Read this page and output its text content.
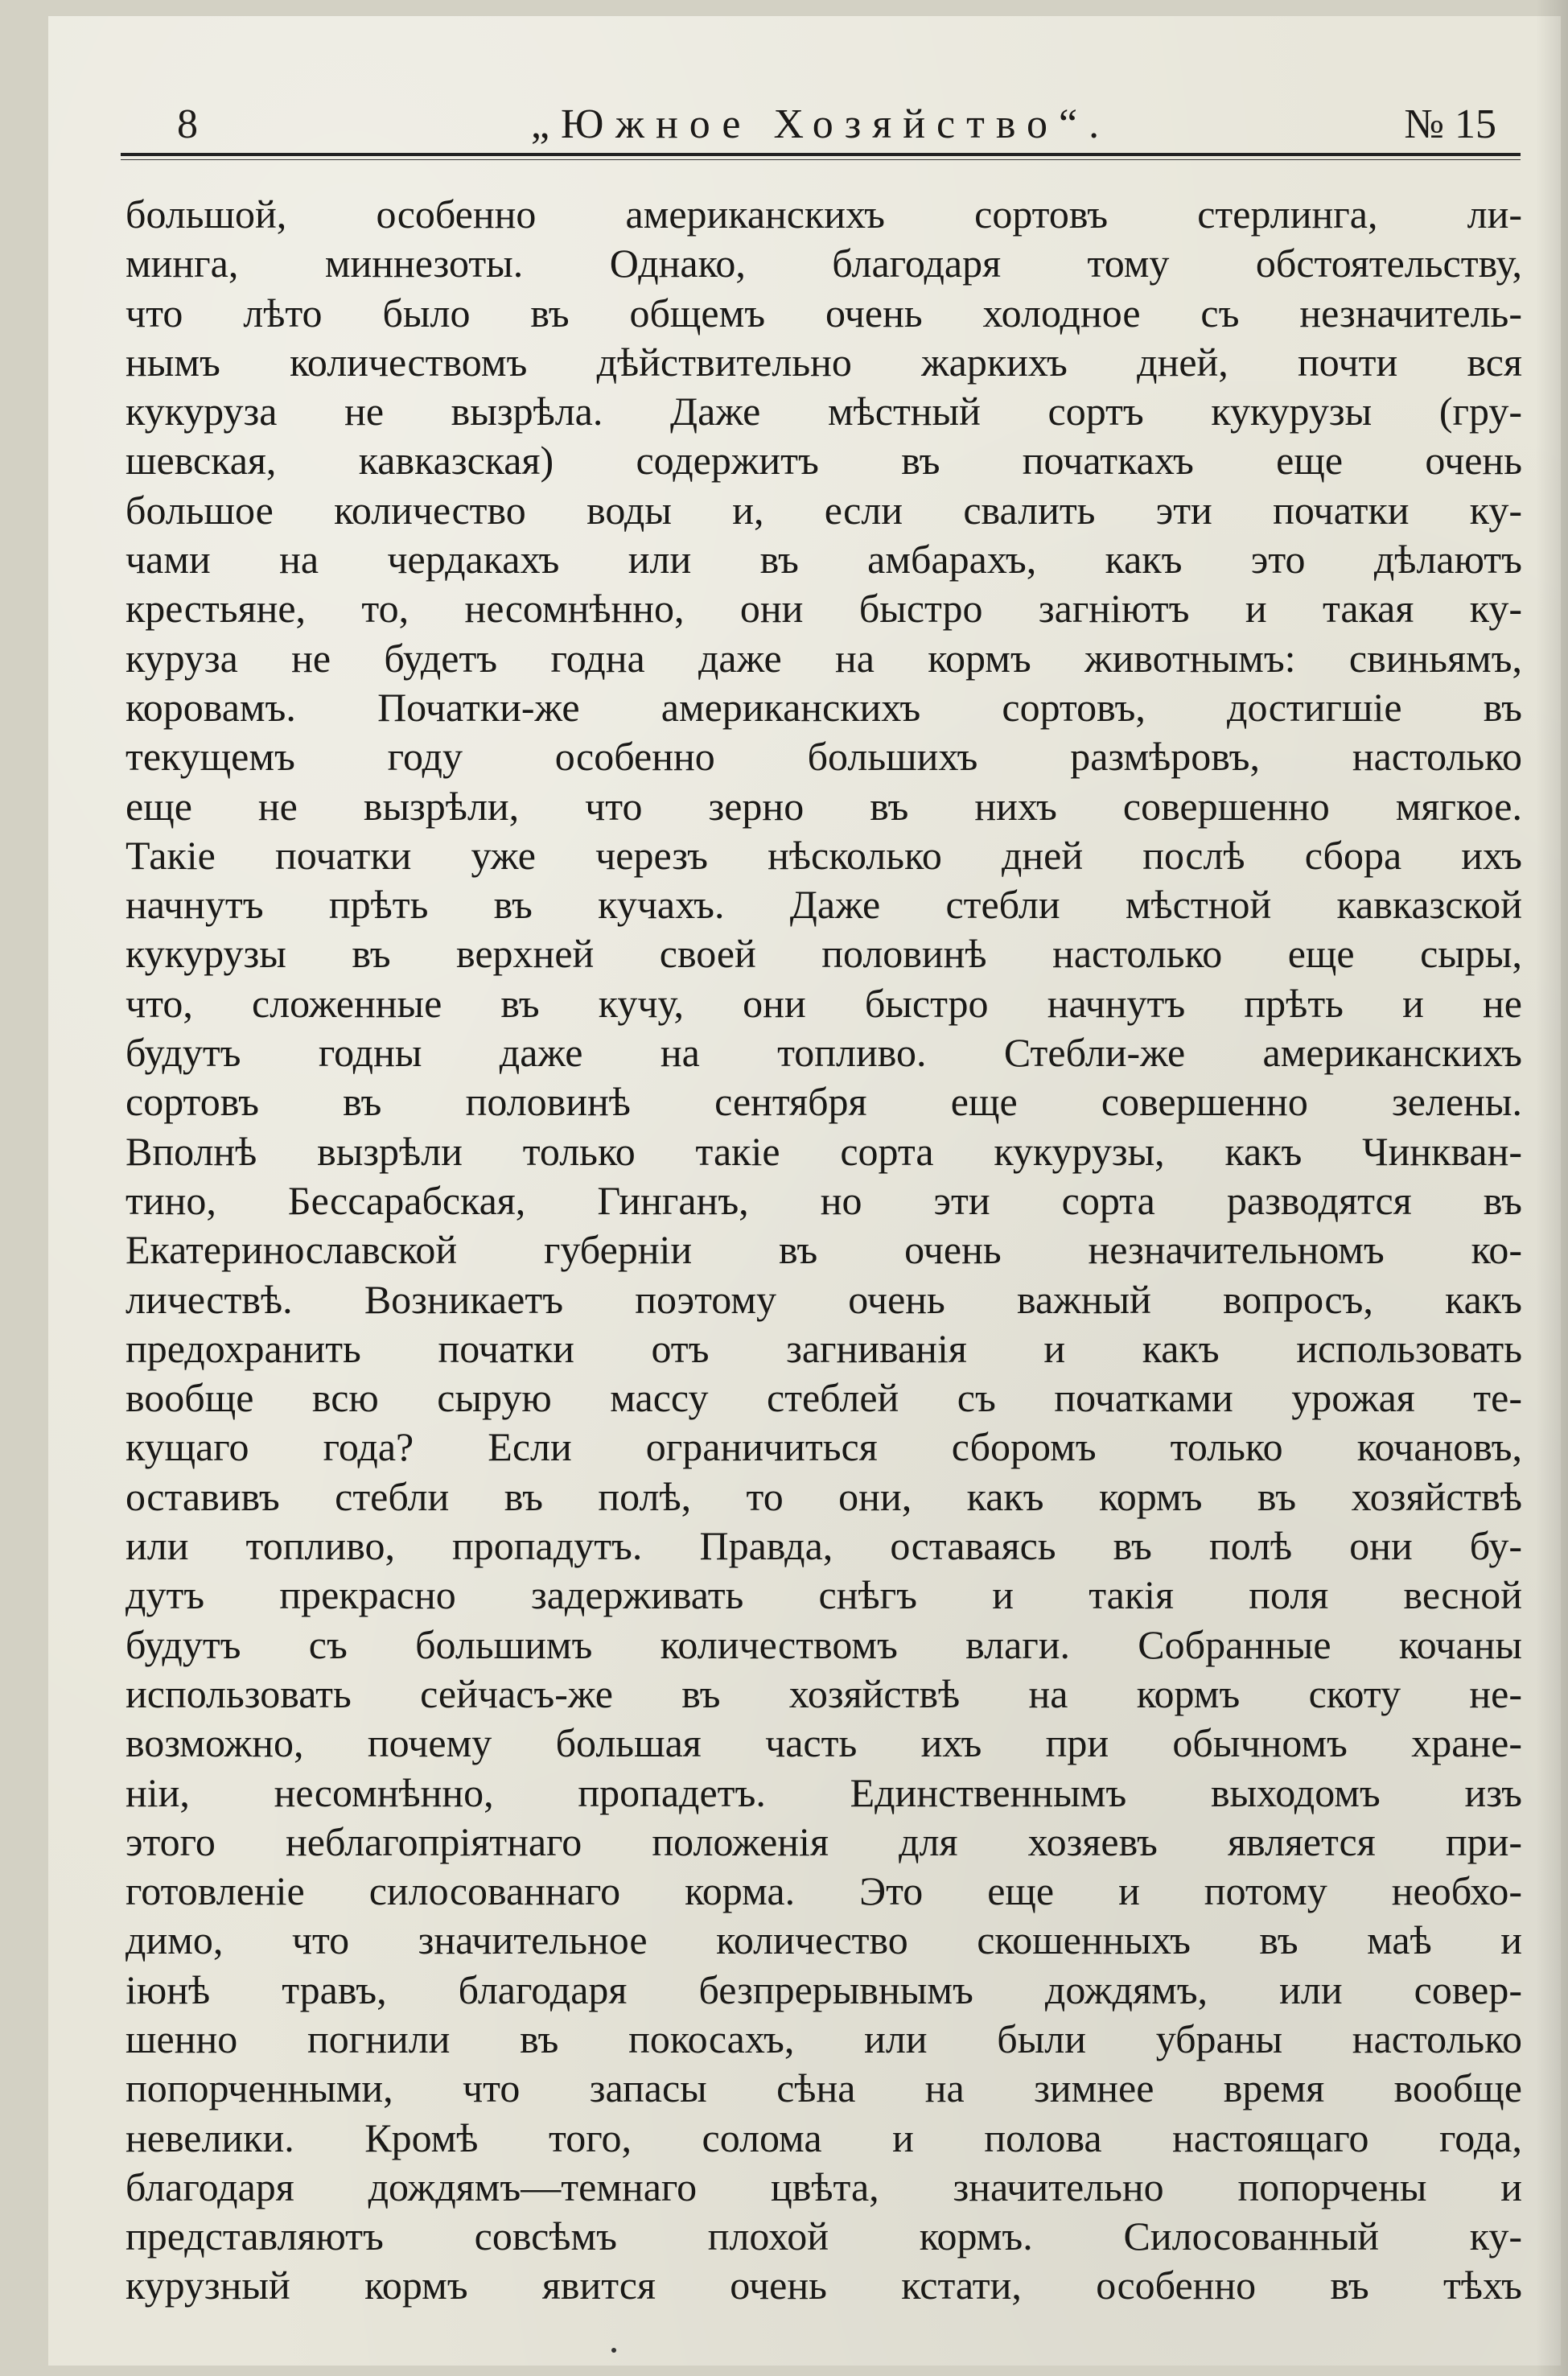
8	„Южное Хозяйство“.	№ 15
большой, особенно американскихъ сортовъ стерлинга, ли-
минга, миннезоты. Однако, благодаря тому обстоятельству,
что лѣто было въ общемъ очень холодное съ незначитель-
нымъ количествомъ дѣйствительно жаркихъ дней, почти вся
кукуруза не вызрѣла. Даже мѣстный сортъ кукурузы (гру-
шевская, кавказская) содержитъ въ початкахъ еще очень
большое количество воды и, если свалить эти початки ку-
чами на чердакахъ или въ амбарахъ, какъ это дѣлаютъ
крестьяне, то, несомнѣнно, они быстро загніютъ и такая ку-
куруза не будетъ годна даже на кормъ животнымъ: свиньямъ,
коровамъ. Початки-же американскихъ сортовъ, достигшіе въ
текущемъ году особенно большихъ размѣровъ, настолько
еще не вызрѣли, что зерно въ нихъ совершенно мягкое.
Такіе початки уже черезъ нѣсколько дней послѣ сбора ихъ
начнутъ прѣть въ кучахъ. Даже стебли мѣстной кавказской
кукурузы въ верхней своей половинѣ настолько еще сыры,
что, сложенные въ кучу, они быстро начнутъ прѣть и не
будутъ годны даже на топливо. Стебли-же американскихъ
сортовъ въ половинѣ сентября еще совершенно зелены.
Вполнѣ вызрѣли только такіе сорта кукурузы, какъ Чинкван-
тино, Бессарабская, Гинганъ, но эти сорта разводятся въ
Екатеринославской губерніи въ очень незначительномъ ко-
личествѣ. Возникаетъ поэтому очень важный вопросъ, какъ
предохранить початки отъ загниванія и какъ использовать
вообще всю сырую массу стеблей съ початками урожая те-
кущаго года? Если ограничиться сборомъ только кочановъ,
оставивъ стебли въ полѣ, то они, какъ кормъ въ хозяйствѣ
или топливо, пропадутъ. Правда, оставаясь въ полѣ они бу-
дутъ прекрасно задерживать снѣгъ и такія поля весной
будутъ съ большимъ количествомъ влаги. Собранные кочаны
использовать сейчасъ-же въ хозяйствѣ на кормъ скоту не-
возможно, почему большая часть ихъ при обычномъ хране-
ніи, несомнѣнно, пропадетъ. Единственнымъ выходомъ изъ
этого неблагопріятнаго положенія для хозяевъ является при-
готовленіе силосованнаго корма. Это еще и потому необхо-
димо, что значительное количество скошенныхъ въ маѣ и
іюнѣ травъ, благодаря безпрерывнымъ дождямъ, или совер-
шенно погнили въ покосахъ, или были убраны настолько
попорченными, что запасы сѣна на зимнее время вообще
невелики. Кромѣ того, солома и полова настоящаго года,
благодаря дождямъ—темнаго цвѣта, значительно попорчены и
представляютъ совсѣмъ плохой кормъ. Силосованный ку-
курузный кормъ явится очень кстати, особенно въ тѣхъ
